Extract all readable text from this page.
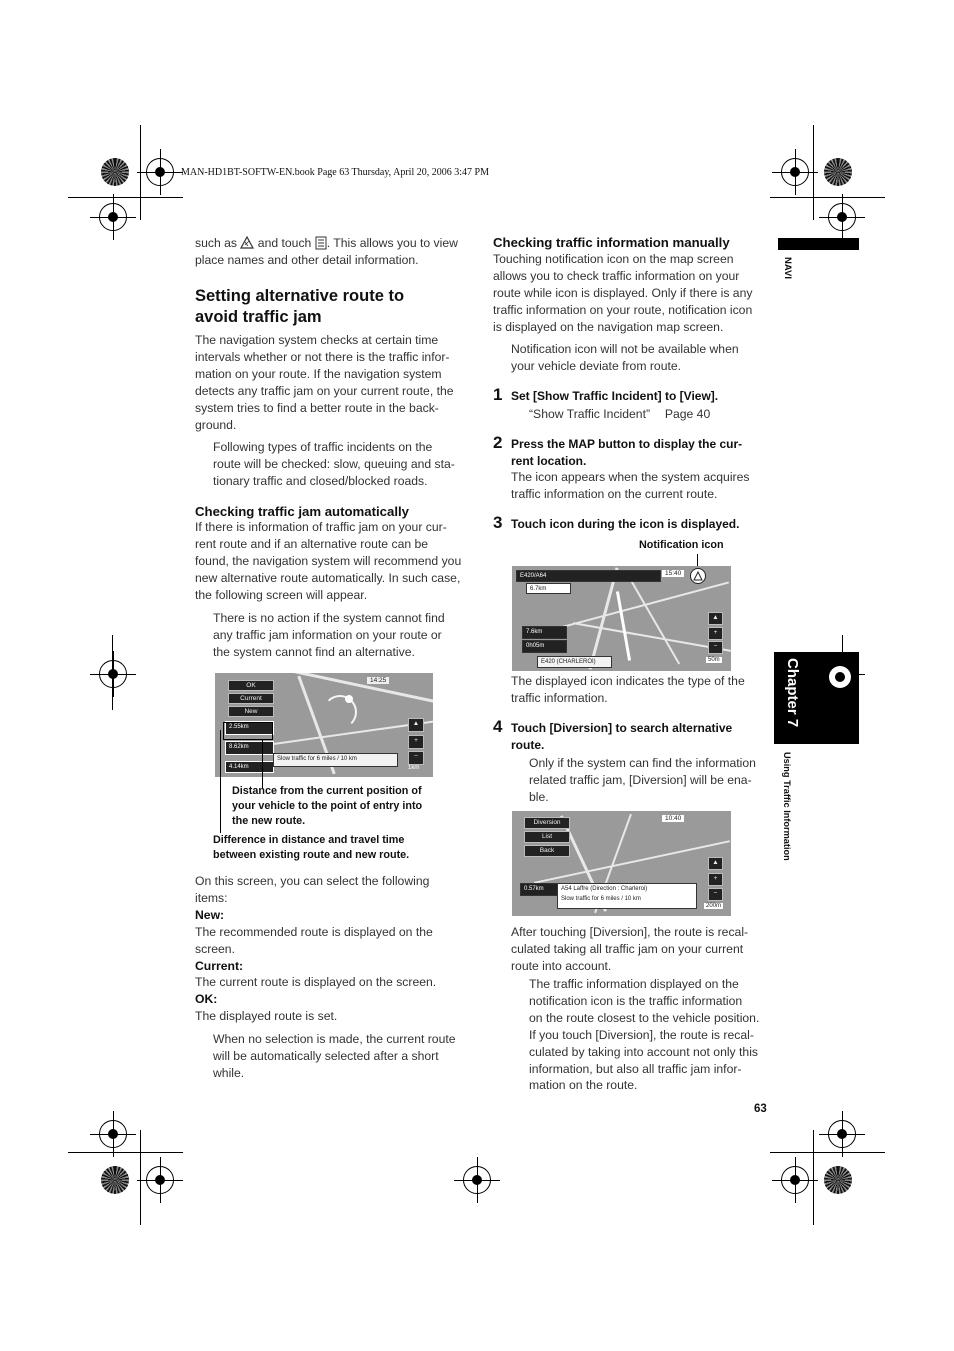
MAN-HD1BT-SOFTW-EN.book Page 63 Thursday, April 20, 2006 3:47 PM
NAVI
Chapter 7
Using Traffic Information
such as and touch . This allows you to view
place names and other detail information.
Setting alternative route to
avoid traffic jam
The navigation system checks at certain time
intervals whether or not there is the traffic infor-
mation on your route. If the navigation system
detects any traffic jam on your current route, the
system tries to find a better route in the back-
ground.
Following types of traffic incidents on the
route will be checked: slow, queuing and sta-
tionary traffic and closed/blocked roads.
Checking traffic jam automatically
If there is information of traffic jam on your cur-
rent route and if an alternative route can be
found, the navigation system will recommend you
new alternative route automatically. In such case,
the following screen will appear.
There is no action if the system cannot find
any traffic jam information on your route or
the system cannot find an alternative.
OK
Current
New
14:25
2.55km
8.62km
4.14km
Slow traffic for 6 miles / 10 km
▲
+
−
1km
Distance from the current position of
your vehicle to the point of entry into
the new route.
Difference in distance and travel time
between existing route and new route.
On this screen, you can select the following
items:
New:
The recommended route is displayed on the
screen.
Current:
The current route is displayed on the screen.
OK:
The displayed route is set.
When no selection is made, the current route
will be automatically selected after a short
while.
Checking traffic information manually
Touching notification icon on the map screen
allows you to check traffic information on your
route while icon is displayed. Only if there is any
traffic information on your route, notification icon
is displayed on the navigation map screen.
Notification icon will not be available when
your vehicle deviate from route.
1 Set [Show Traffic Incident] to [View].
“Show Traffic Incident” Page 40
2 Press the MAP button to display the cur-
rent location.
The icon appears when the system acquires
traffic information on the current route.
3 Touch icon during the icon is displayed.
Notification icon
E420/A64
6.7km
15:40
7.6km
0h05m
E420 (CHARLEROI)
▲
+
−
50m
The displayed icon indicates the type of the
traffic information.
4 Touch [Diversion] to search alternative
route.
Only if the system can find the information
related traffic jam, [Diversion] will be ena-
ble.
Diversion
List
Back
10:40
0.57km	A54 Laffre (Direction : Charleroi)
Slow traffic for 6 miles / 10 km
▲
+
−
200m
After touching [Diversion], the route is recal-
culated taking all traffic jam on your current
route into account.
The traffic information displayed on the
notification icon is the traffic information
on the route closest to the vehicle position.
If you touch [Diversion], the route is recal-
culated by taking into account not only this
information, but also all traffic jam infor-
mation on the route.
63
